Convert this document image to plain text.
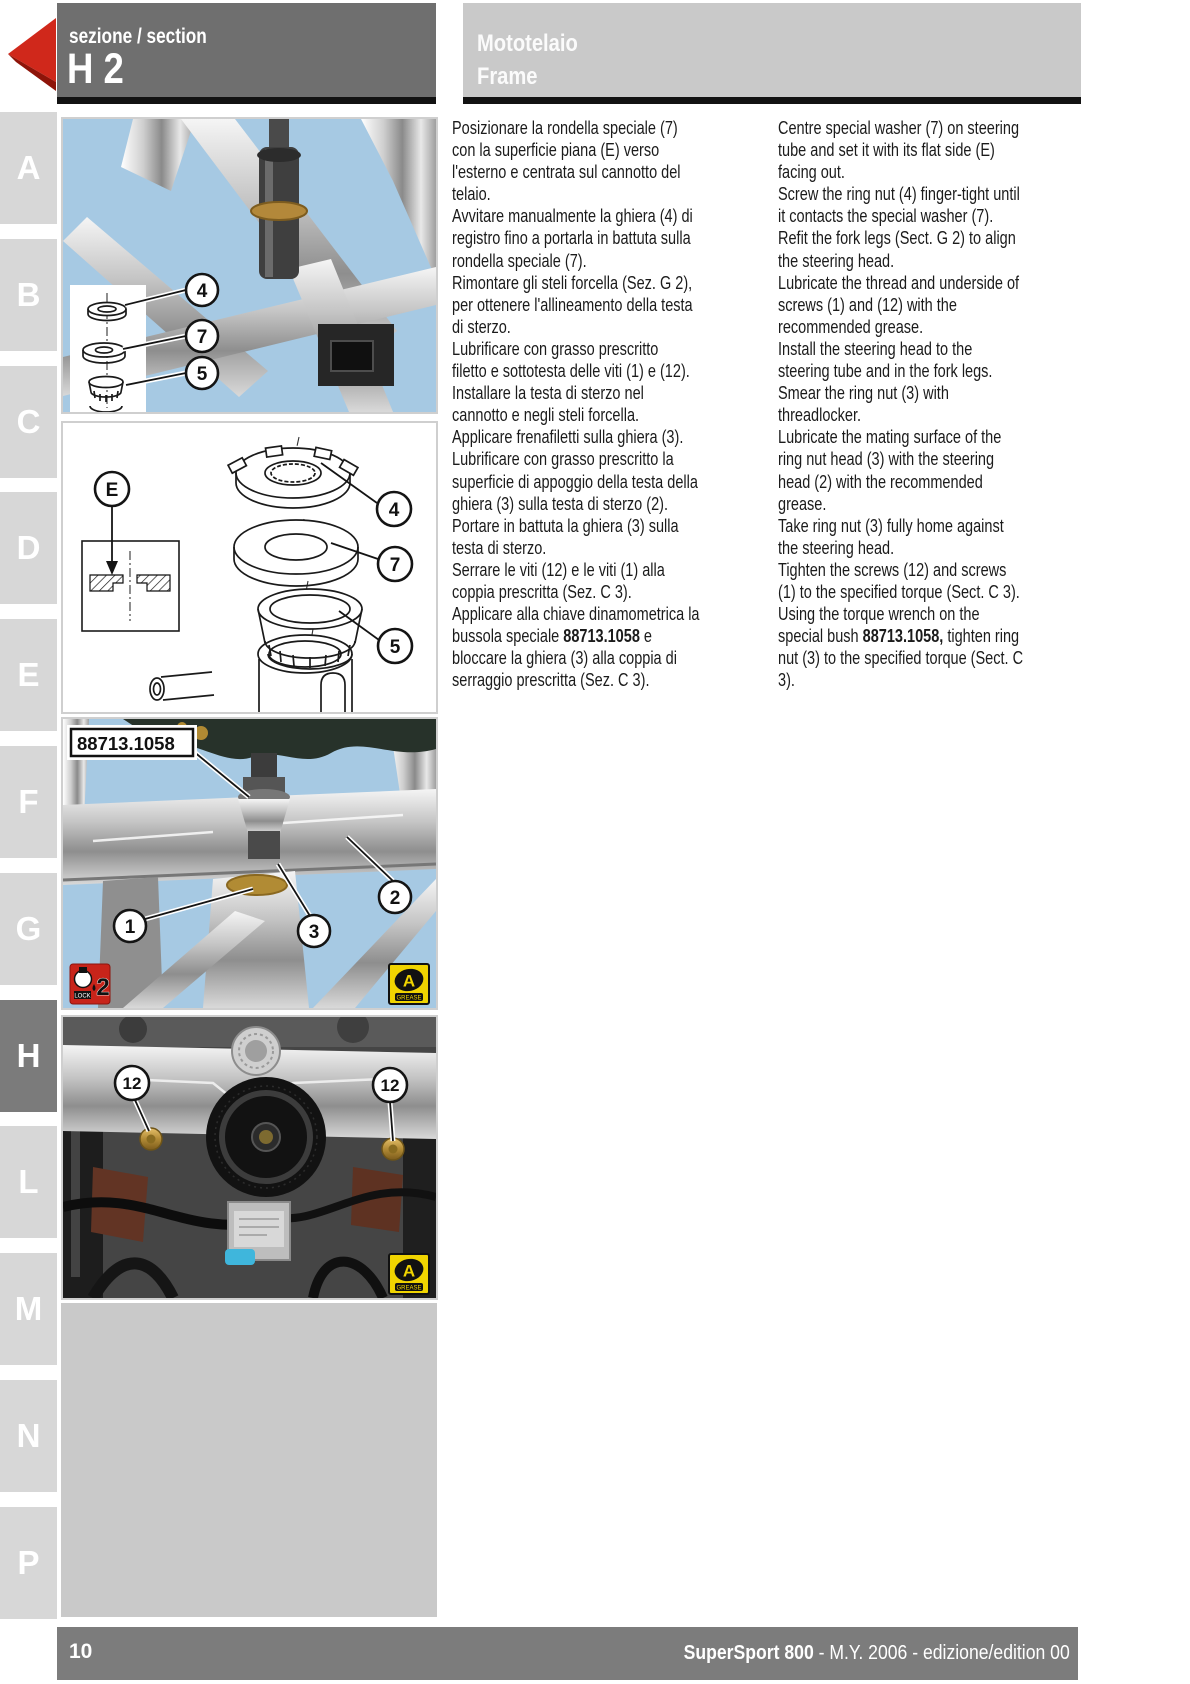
sezione / section
H 2
Mototelaio
Frame
A
B
C
D
E
F
G
H
L
M
N
P
4
7
5
E
4
7
5
88713.1058
1	3
2
2
LOCK
A
GREASE
12	12
A
GREASE
Posizionare la rondella speciale (7)
con la superficie piana (E) verso
l'esterno e centrata sul cannotto del
telaio.
Avvitare manualmente la ghiera (4) di
registro fino a portarla in battuta sulla
rondella speciale (7).
Rimontare gli steli forcella (Sez. G 2),
per ottenere l'allineamento della testa
di sterzo.
Lubrificare con grasso prescritto
filetto e sottotesta delle viti (1) e (12).
Installare la testa di sterzo nel
cannotto e negli steli forcella.
Applicare frenafiletti sulla ghiera (3).
Lubrificare con grasso prescritto la
superficie di appoggio della testa della
ghiera (3) sulla testa di sterzo (2).
Portare in battuta la ghiera (3) sulla
testa di sterzo.
Serrare le viti (12) e le viti (1) alla
coppia prescritta (Sez. C 3).
Applicare alla chiave dinamometrica la
bussola speciale 88713.1058 e
bloccare la ghiera (3) alla coppia di
serraggio prescritta (Sez. C 3).
Centre special washer (7) on steering
tube and set it with its flat side (E)
facing out.
Screw the ring nut (4) finger-tight until
it contacts the special washer (7).
Refit the fork legs (Sect. G 2) to align
the steering head.
Lubricate the thread and underside of
screws (1) and (12) with the
recommended grease.
Install the steering head to the
steering tube and in the fork legs.
Smear the ring nut (3) with
threadlocker.
Lubricate the mating surface of the
ring nut head (3) with the steering
head (2) with the recommended
grease.
Take ring nut (3) fully home against
the steering head.
Tighten the screws (12) and screws
(1) to the specified torque (Sect. C 3).
Using the torque wrench on the
special bush 88713.1058, tighten ring
nut (3) to the specified torque (Sect. C
3).
10	SuperSport 800 - M.Y. 2006 - edizione/edition 00
